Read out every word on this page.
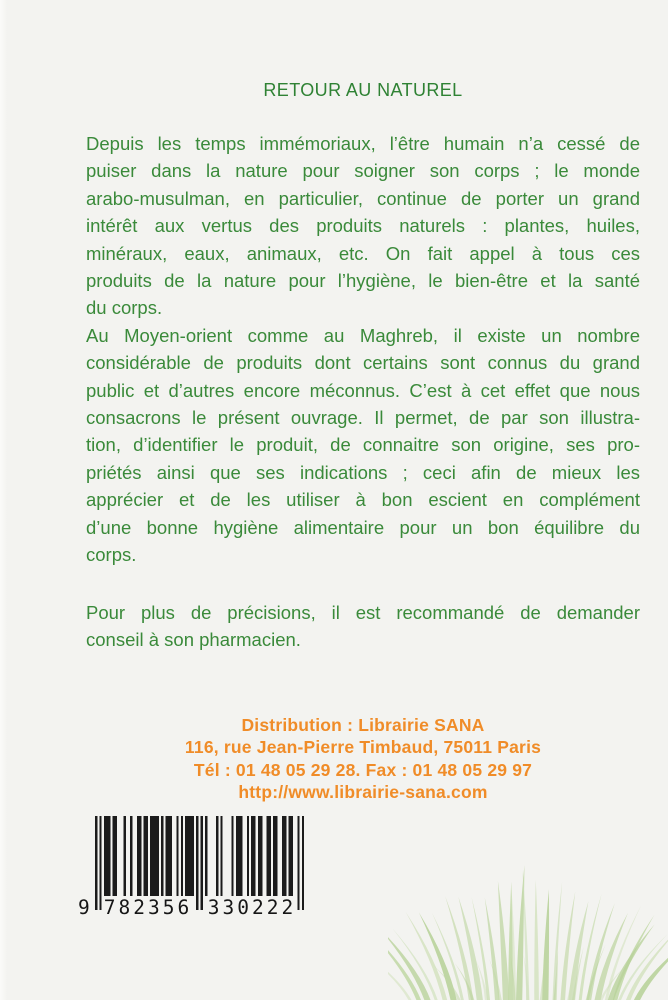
RETOUR AU NATUREL
Depuis les temps immémoriaux, l’être humain n’a cessé de
puiser dans la nature pour soigner son corps ; le monde
arabo-musulman, en particulier, continue de porter un grand
intérêt aux vertus des produits naturels : plantes, huiles,
minéraux, eaux, animaux, etc. On fait appel à tous ces
produits de la nature pour l’hygiène, le bien-être et la santé
du corps.
Au Moyen-orient comme au Maghreb, il existe un nombre
considérable de produits dont certains sont connus du grand
public et d’autres encore méconnus. C’est à cet effet que nous
consacrons le présent ouvrage. Il permet, de par son illustra-
tion, d’identifier le produit, de connaitre son origine, ses pro-
priétés ainsi que ses indications ; ceci afin de mieux les
apprécier et de les utiliser à bon escient en complément
d’une bonne hygiène alimentaire pour un bon équilibre du
corps.
Pour plus de précisions, il est recommandé de demander
conseil à son pharmacien.
Distribution : Librairie SANA
116, rue Jean-Pierre Timbaud, 75011 Paris
Tél : 01 48 05 29 28. Fax : 01 48 05 29 97
http://www.librairie-sana.com
9 782356 330222
